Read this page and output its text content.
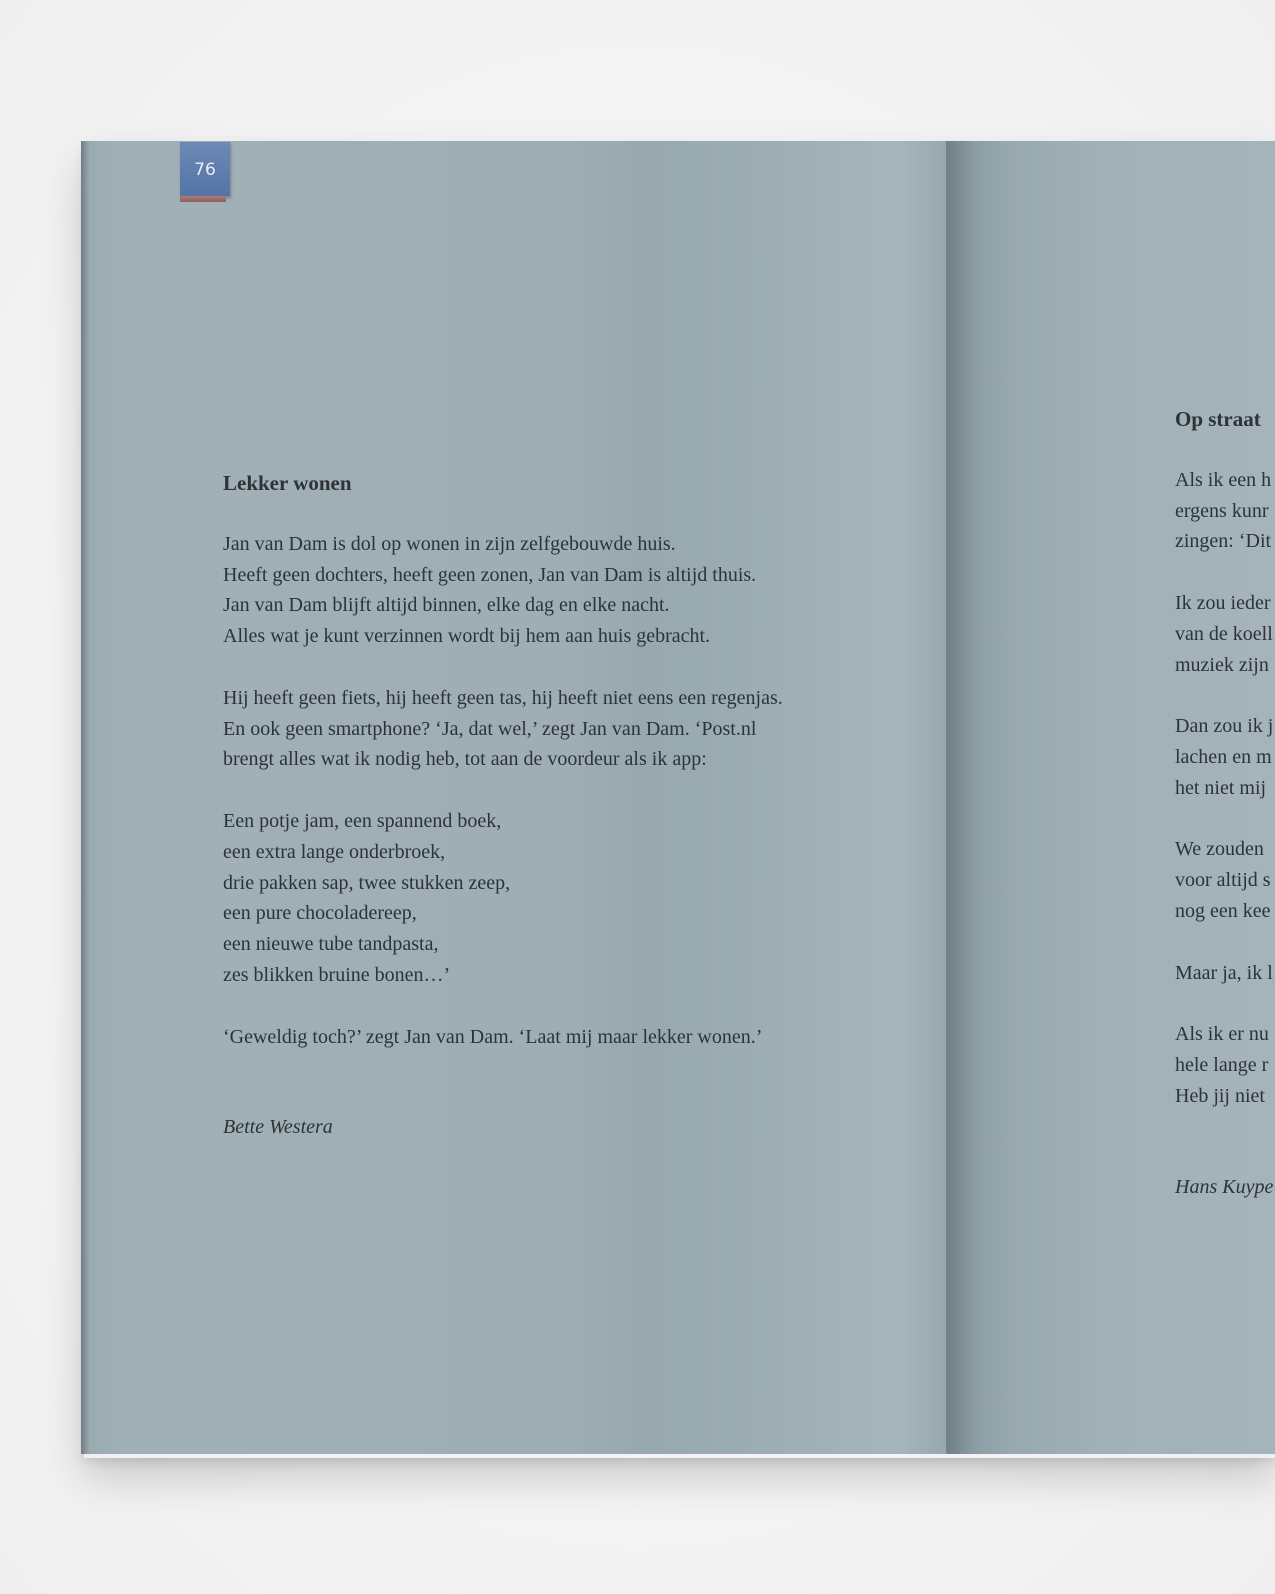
76

Lekker wonen

Jan van Dam is dol op wonen in zijn zelfgebouwde huis.
Heeft geen dochters, heeft geen zonen, Jan van Dam is altijd thuis.
Jan van Dam blijft altijd binnen, elke dag en elke nacht.
Alles wat je kunt verzinnen wordt bij hem aan huis gebracht.
Hij heeft geen fiets, hij heeft geen tas, hij heeft niet eens een regenjas.
En ook geen smartphone? ‘Ja, dat wel,’ zegt Jan van Dam. ‘Post.nl
brengt alles wat ik nodig heb, tot aan de voordeur als ik app:
Een potje jam, een spannend boek,
een extra lange onderbroek,
drie pakken sap, twee stukken zeep,
een pure chocoladereep,
een nieuwe tube tandpasta,
zes blikken bruine bonen…’
‘Geweldig toch?’ zegt Jan van Dam. ‘Laat mij maar lekker wonen.’

Bette Westera

Op straat

Als ik een h
ergens kunr
zingen: ‘Dit
Ik zou ieder
van de koell
muziek zijn
Dan zou ik j
lachen en m
het niet mij
We zouden
voor altijd s
nog een kee
Maar ja, ik l
Als ik er nu
hele lange r
Heb jij niet

Hans Kuype
